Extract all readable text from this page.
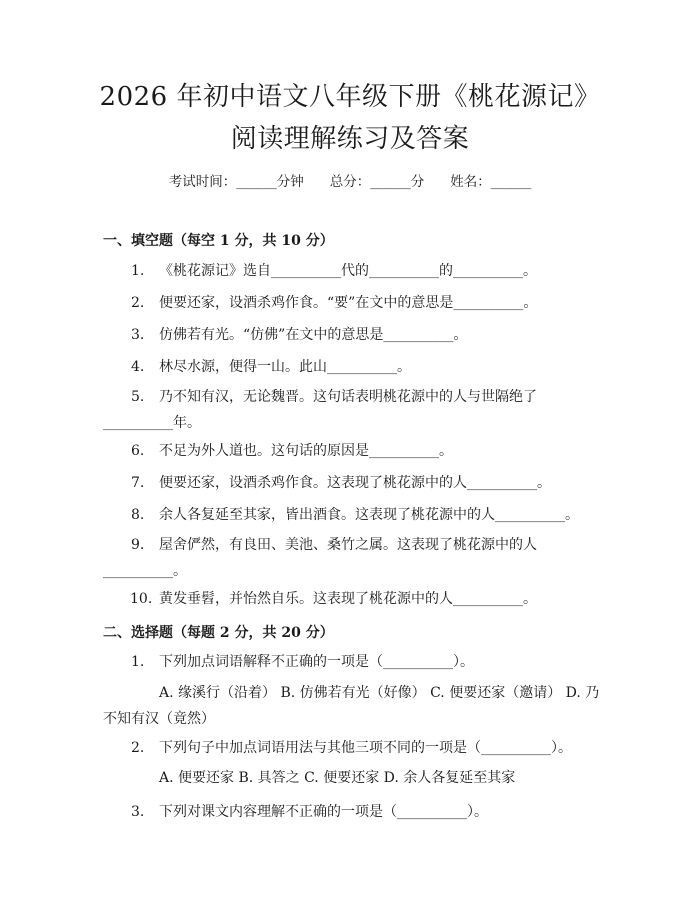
2026 年初中语文八年级下册《桃花源记》阅读理解练习及答案
考试时间：______分钟 总分：______分 姓名：______
一、填空题（每空 1 分，共 10 分）
1.	《桃花源记》选自__________代的__________的__________。
2.	便要还家，设酒杀鸡作食。“要”在文中的意思是__________。
3.	仿佛若有光。“仿佛”在文中的意思是__________。
4.	林尽水源，便得一山。此山__________。
5.	乃不知有汉，无论魏晋。这句话表明桃花源中的人与世隔绝了__________年。
6.	不足为外人道也。这句话的原因是__________。
7.	便要还家，设酒杀鸡作食。这表现了桃花源中的人__________。
8.	余人各复延至其家，皆出酒食。这表现了桃花源中的人__________。
9.	屋舍俨然，有良田、美池、桑竹之属。这表现了桃花源中的人__________。
10. 黄发垂髫，并怡然自乐。这表现了桃花源中的人__________。
二、选择题（每题 2 分，共 20 分）
1.	下列加点词语解释不正确的一项是（__________）。
A. 缘溪行（沿着） B. 仿佛若有光（好像） C. 便要还家（邀请） D. 乃不知有汉（竟然）
2.	下列句子中加点词语用法与其他三项不同的一项是（__________）。
A. 便要还家 B. 具答之 C. 便要还家 D. 余人各复延至其家
3.	下列对课文内容理解不正确的一项是（__________）。
